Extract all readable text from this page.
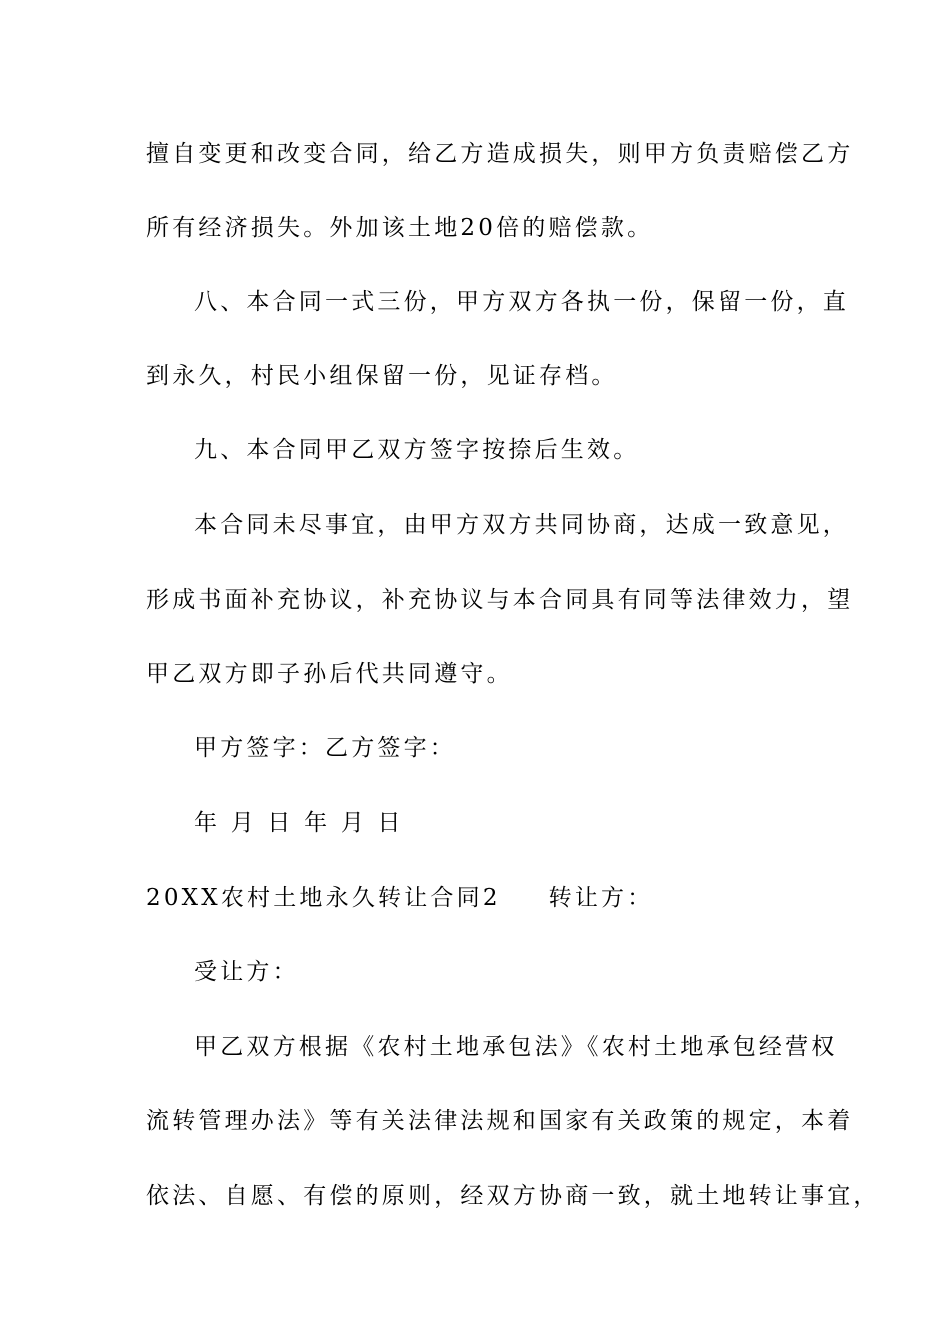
擅自变更和改变合同，给乙方造成损失，则甲方负责赔偿乙方
所有经济损失。外加该土地20倍的赔偿款。
八、本合同一式三份，甲方双方各执一份，保留一份，直
到永久，村民小组保留一份，见证存档。
九、本合同甲乙双方签字按捺后生效。
本合同未尽事宜，由甲方双方共同协商，达成一致意见，
形成书面补充协议，补充协议与本合同具有同等法律效力，望
甲乙双方即子孙后代共同遵守。
甲方签字：乙方签字：
年 月 日 年 月 日
20XX农村土地永久转让合同2 转让方：
受让方：
甲乙双方根据《农村土地承包法》《农村土地承包经营权
流转管理办法》等有关法律法规和国家有关政策的规定，本着
依法、自愿、有偿的原则，经双方协商一致，就土地转让事宜，
